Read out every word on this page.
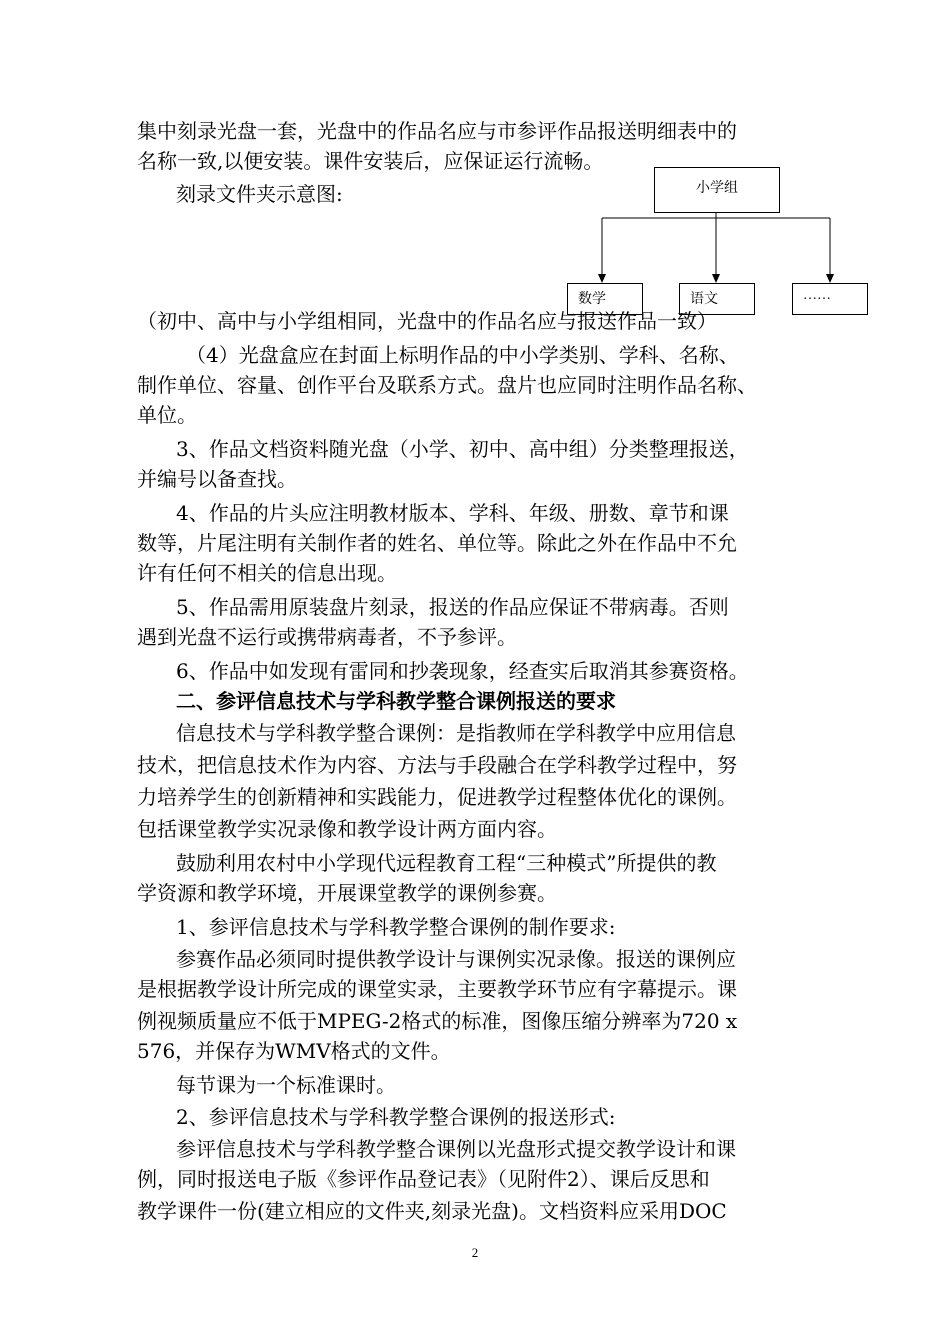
集中刻录光盘一套，光盘中的作品名应与市参评作品报送明细表中的
名称一致,以便安装。课件安装后，应保证运行流畅。
刻录文件夹示意图:	小学组
数学	语文	……
（初中、高中与小学组相同，光盘中的作品名应与报送作品一致）
（4）光盘盒应在封面上标明作品的中小学类别、学科、名称、
制作单位、容量、创作平台及联系方式。盘片也应同时注明作品名称、
单位。
3、作品文档资料随光盘（小学、初中、高中组）分类整理报送，
并编号以备查找。
4、作品的片头应注明教材版本、学科、年级、册数、章节和课
数等，片尾注明有关制作者的姓名、单位等。除此之外在作品中不允
许有任何不相关的信息出现。
5、作品需用原装盘片刻录，报送的作品应保证不带病毒。否则
遇到光盘不运行或携带病毒者，不予参评。
6、作品中如发现有雷同和抄袭现象，经查实后取消其参赛资格。
二、参评信息技术与学科教学整合课例报送的要求
信息技术与学科教学整合课例：是指教师在学科教学中应用信息
技术，把信息技术作为内容、方法与手段融合在学科教学过程中，努
力培养学生的创新精神和实践能力，促进教学过程整体优化的课例。
包括课堂教学实况录像和教学设计两方面内容。
鼓励利用农村中小学现代远程教育工程“三种模式”所提供的教
学资源和教学环境，开展课堂教学的课例参赛。
1、参评信息技术与学科教学整合课例的制作要求:
参赛作品必须同时提供教学设计与课例实况录像。报送的课例应
是根据教学设计所完成的课堂实录，主要教学环节应有字幕提示。课
例视频质量应不低于MPEG-2格式的标准，图像压缩分辨率为720 x
576，并保存为WMV格式的文件。
每节课为一个标准课时。
2、参评信息技术与学科教学整合课例的报送形式:
参评信息技术与学科教学整合课例以光盘形式提交教学设计和课
例，同时报送电子版《参评作品登记表》（见附件2）、课后反思和
教学课件一份(建立相应的文件夹,刻录光盘)。文档资料应采用DOC
2
